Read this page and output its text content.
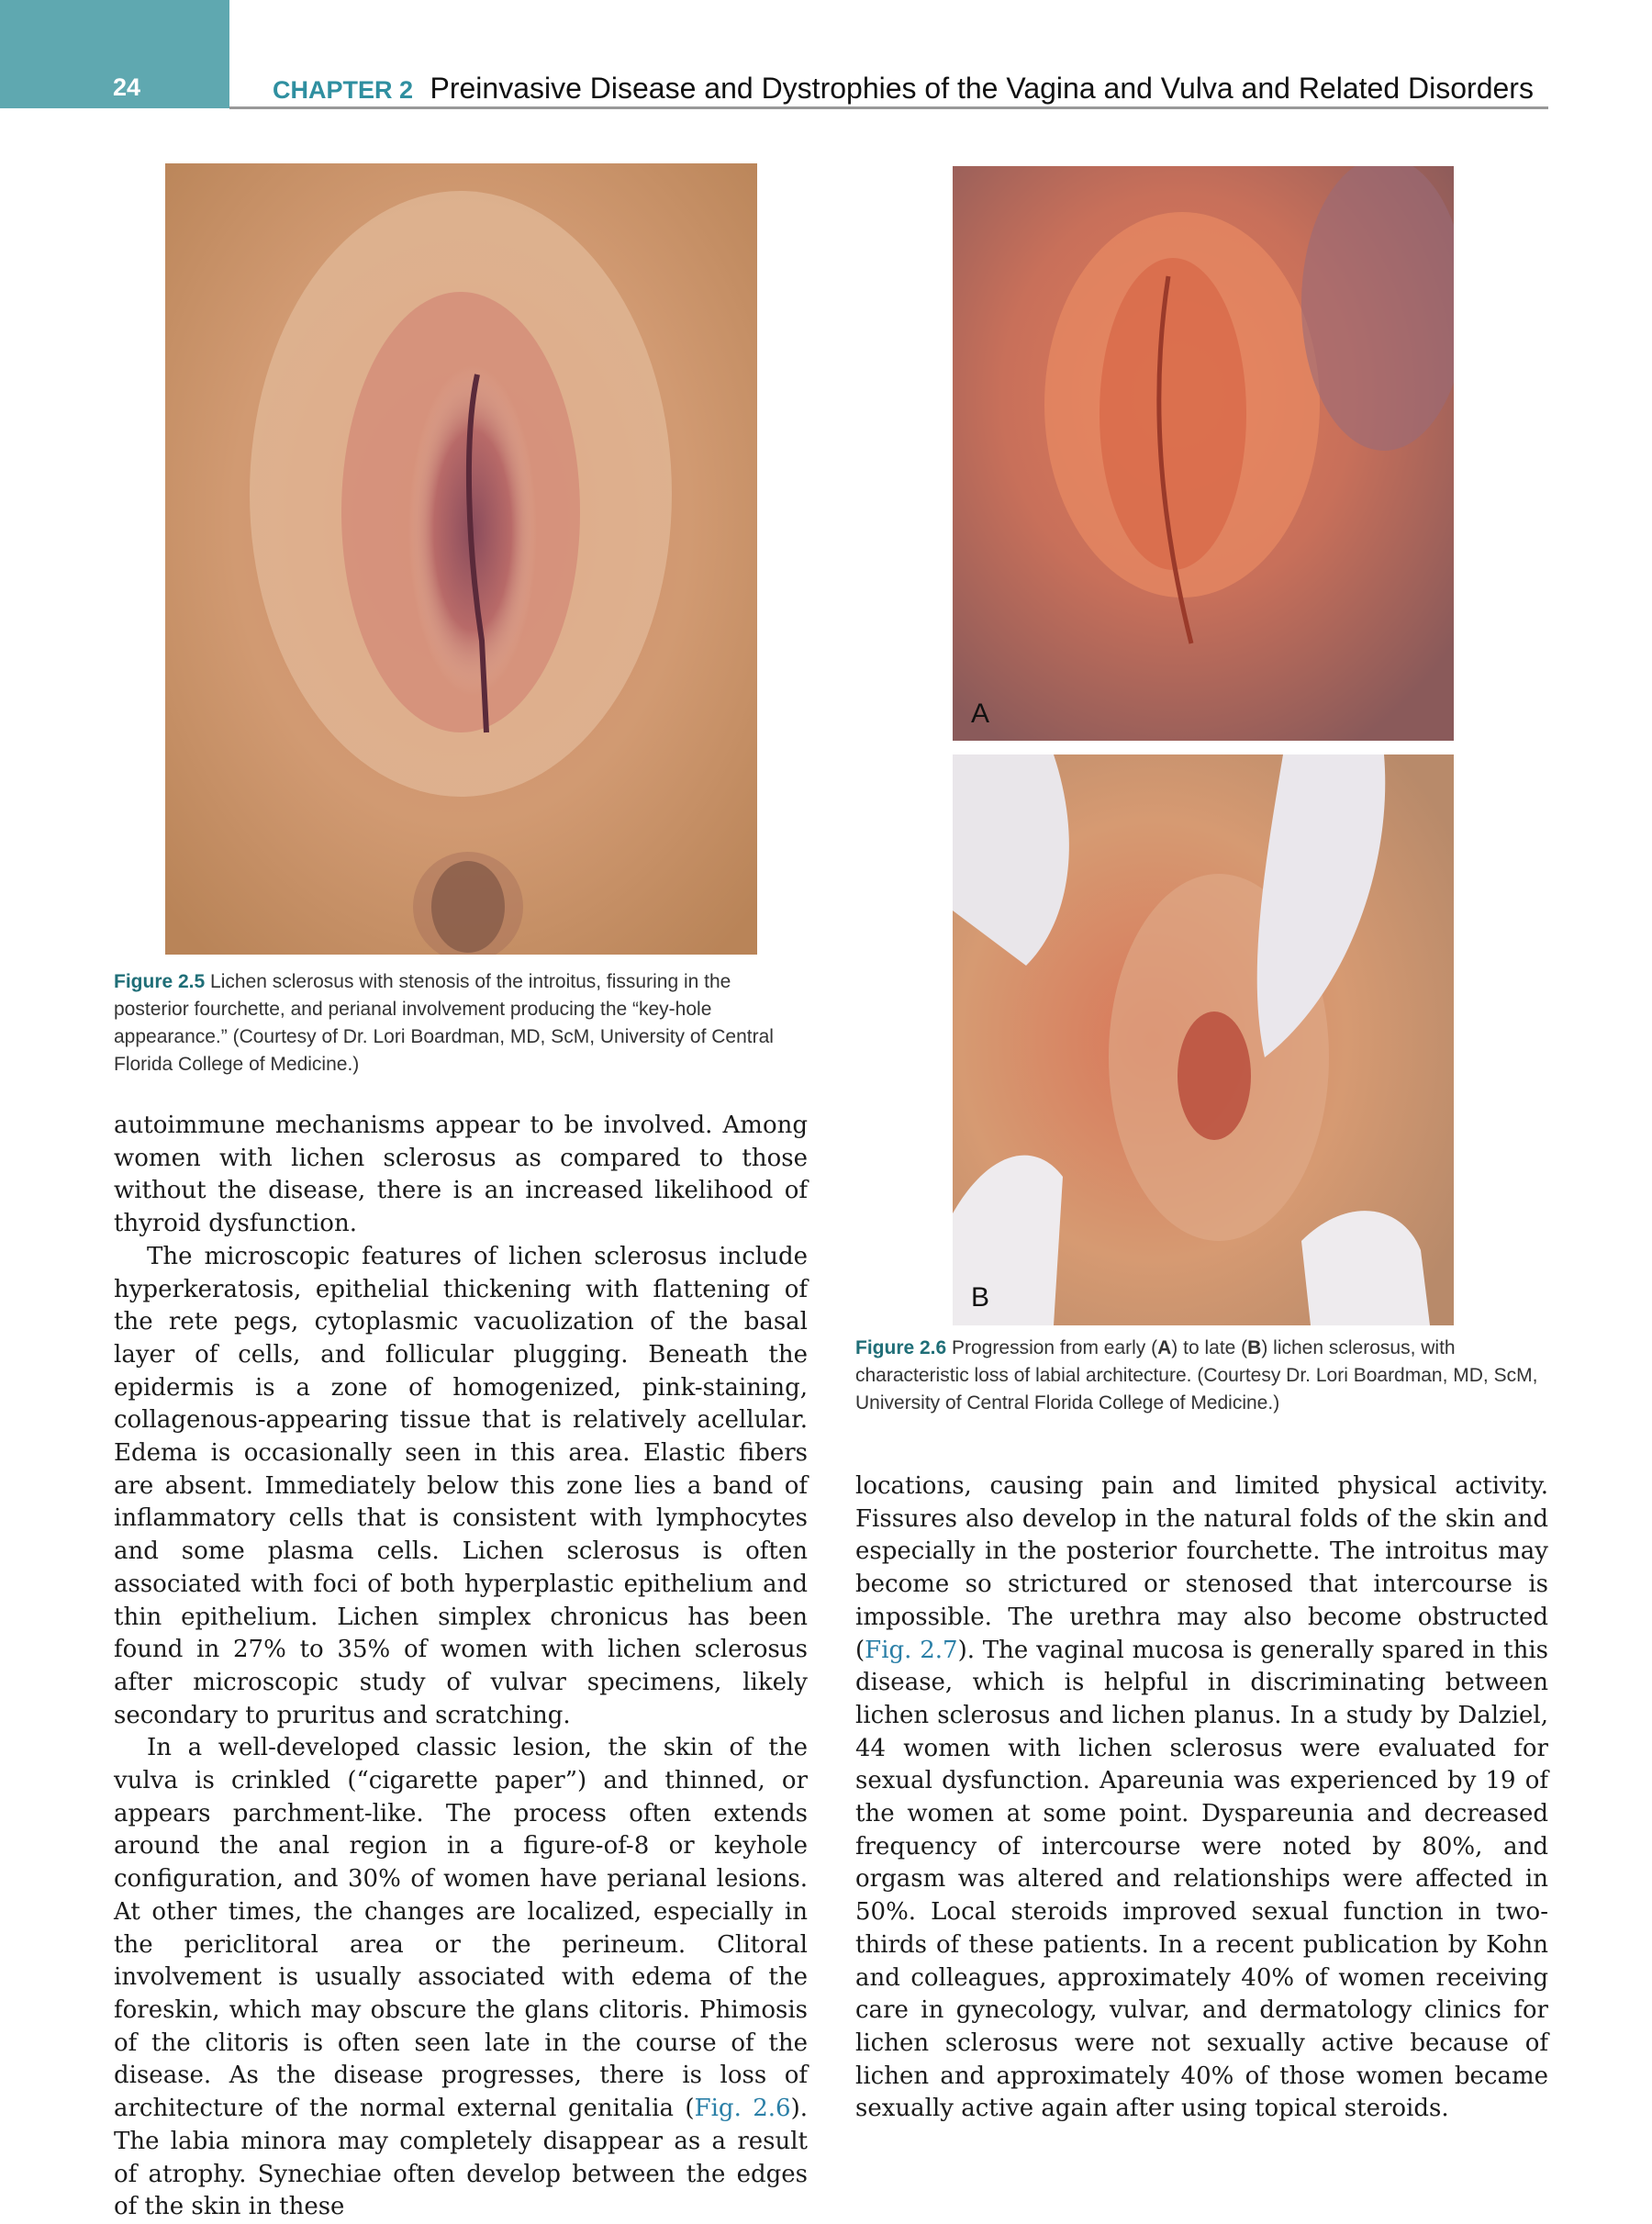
24	CHAPTER 2 Preinvasive Disease and Dystrophies of the Vagina and Vulva and Related Disorders
Figure 2.5 Lichen sclerosus with stenosis of the introitus, fissuring in the posterior fourchette, and perianal involvement producing the “key-hole appearance.” (Courtesy of Dr. Lori Boardman, MD, ScM, University of Central Florida College of Medicine.)
A
B
Figure 2.6 Progression from early (A) to late (B) lichen sclerosus, with characteristic loss of labial architecture. (Courtesy Dr. Lori Boardman, MD, ScM, University of Central Florida College of Medicine.)

autoimmune mechanisms appear to be involved. Among women with lichen sclerosus as compared to those without the disease, there is an increased likelihood of thyroid dysfunction.

The microscopic features of lichen sclerosus include hyperkeratosis, epithelial thickening with flattening of the rete pegs, cytoplasmic vacuolization of the basal layer of cells, and follicular plugging. Beneath the epidermis is a zone of homogenized, pink-staining, collagenous-appearing tissue that is relatively acellular. Edema is occasionally seen in this area. Elastic fibers are absent. Immediately below this zone lies a band of inflammatory cells that is consistent with lymphocytes and some plasma cells. Lichen sclerosus is often associated with foci of both hyperplastic epithelium and thin epithelium. Lichen simplex chronicus has been found in 27% to 35% of women with lichen sclerosus after microscopic study of vulvar specimens, likely secondary to pruritus and scratching.

In a well-developed classic lesion, the skin of the vulva is crinkled (“cigarette paper”) and thinned, or appears parchment-like. The process often extends around the anal region in a figure-of-8 or keyhole configuration, and 30% of women have perianal lesions. At other times, the changes are localized, especially in the periclitoral area or the perineum. Clitoral involvement is usually associated with edema of the foreskin, which may obscure the glans clitoris. Phimosis of the clitoris is often seen late in the course of the disease. As the disease progresses, there is loss of architecture of the normal external genitalia (Fig. 2.6). The labia minora may completely disappear as a result of atrophy. Synechiae often develop between the edges of the skin in these

locations, causing pain and limited physical activity. Fissures also develop in the natural folds of the skin and especially in the posterior fourchette. The introitus may become so strictured or stenosed that intercourse is impossible. The urethra may also become obstructed (Fig. 2.7). The vaginal mucosa is generally spared in this disease, which is helpful in discriminating between lichen sclerosus and lichen planus. In a study by Dalziel, 44 women with lichen sclerosus were evaluated for sexual dysfunction. Apareunia was experienced by 19 of the women at some point. Dyspareunia and decreased frequency of intercourse were noted by 80%, and orgasm was altered and relationships were affected in 50%. Local steroids improved sexual function in two-thirds of these patients. In a recent publication by Kohn and colleagues, approximately 40% of women receiving care in gynecology, vulvar, and dermatology clinics for lichen sclerosus were not sexually active because of lichen and approximately 40% of those women became sexually active again after using topical steroids.
